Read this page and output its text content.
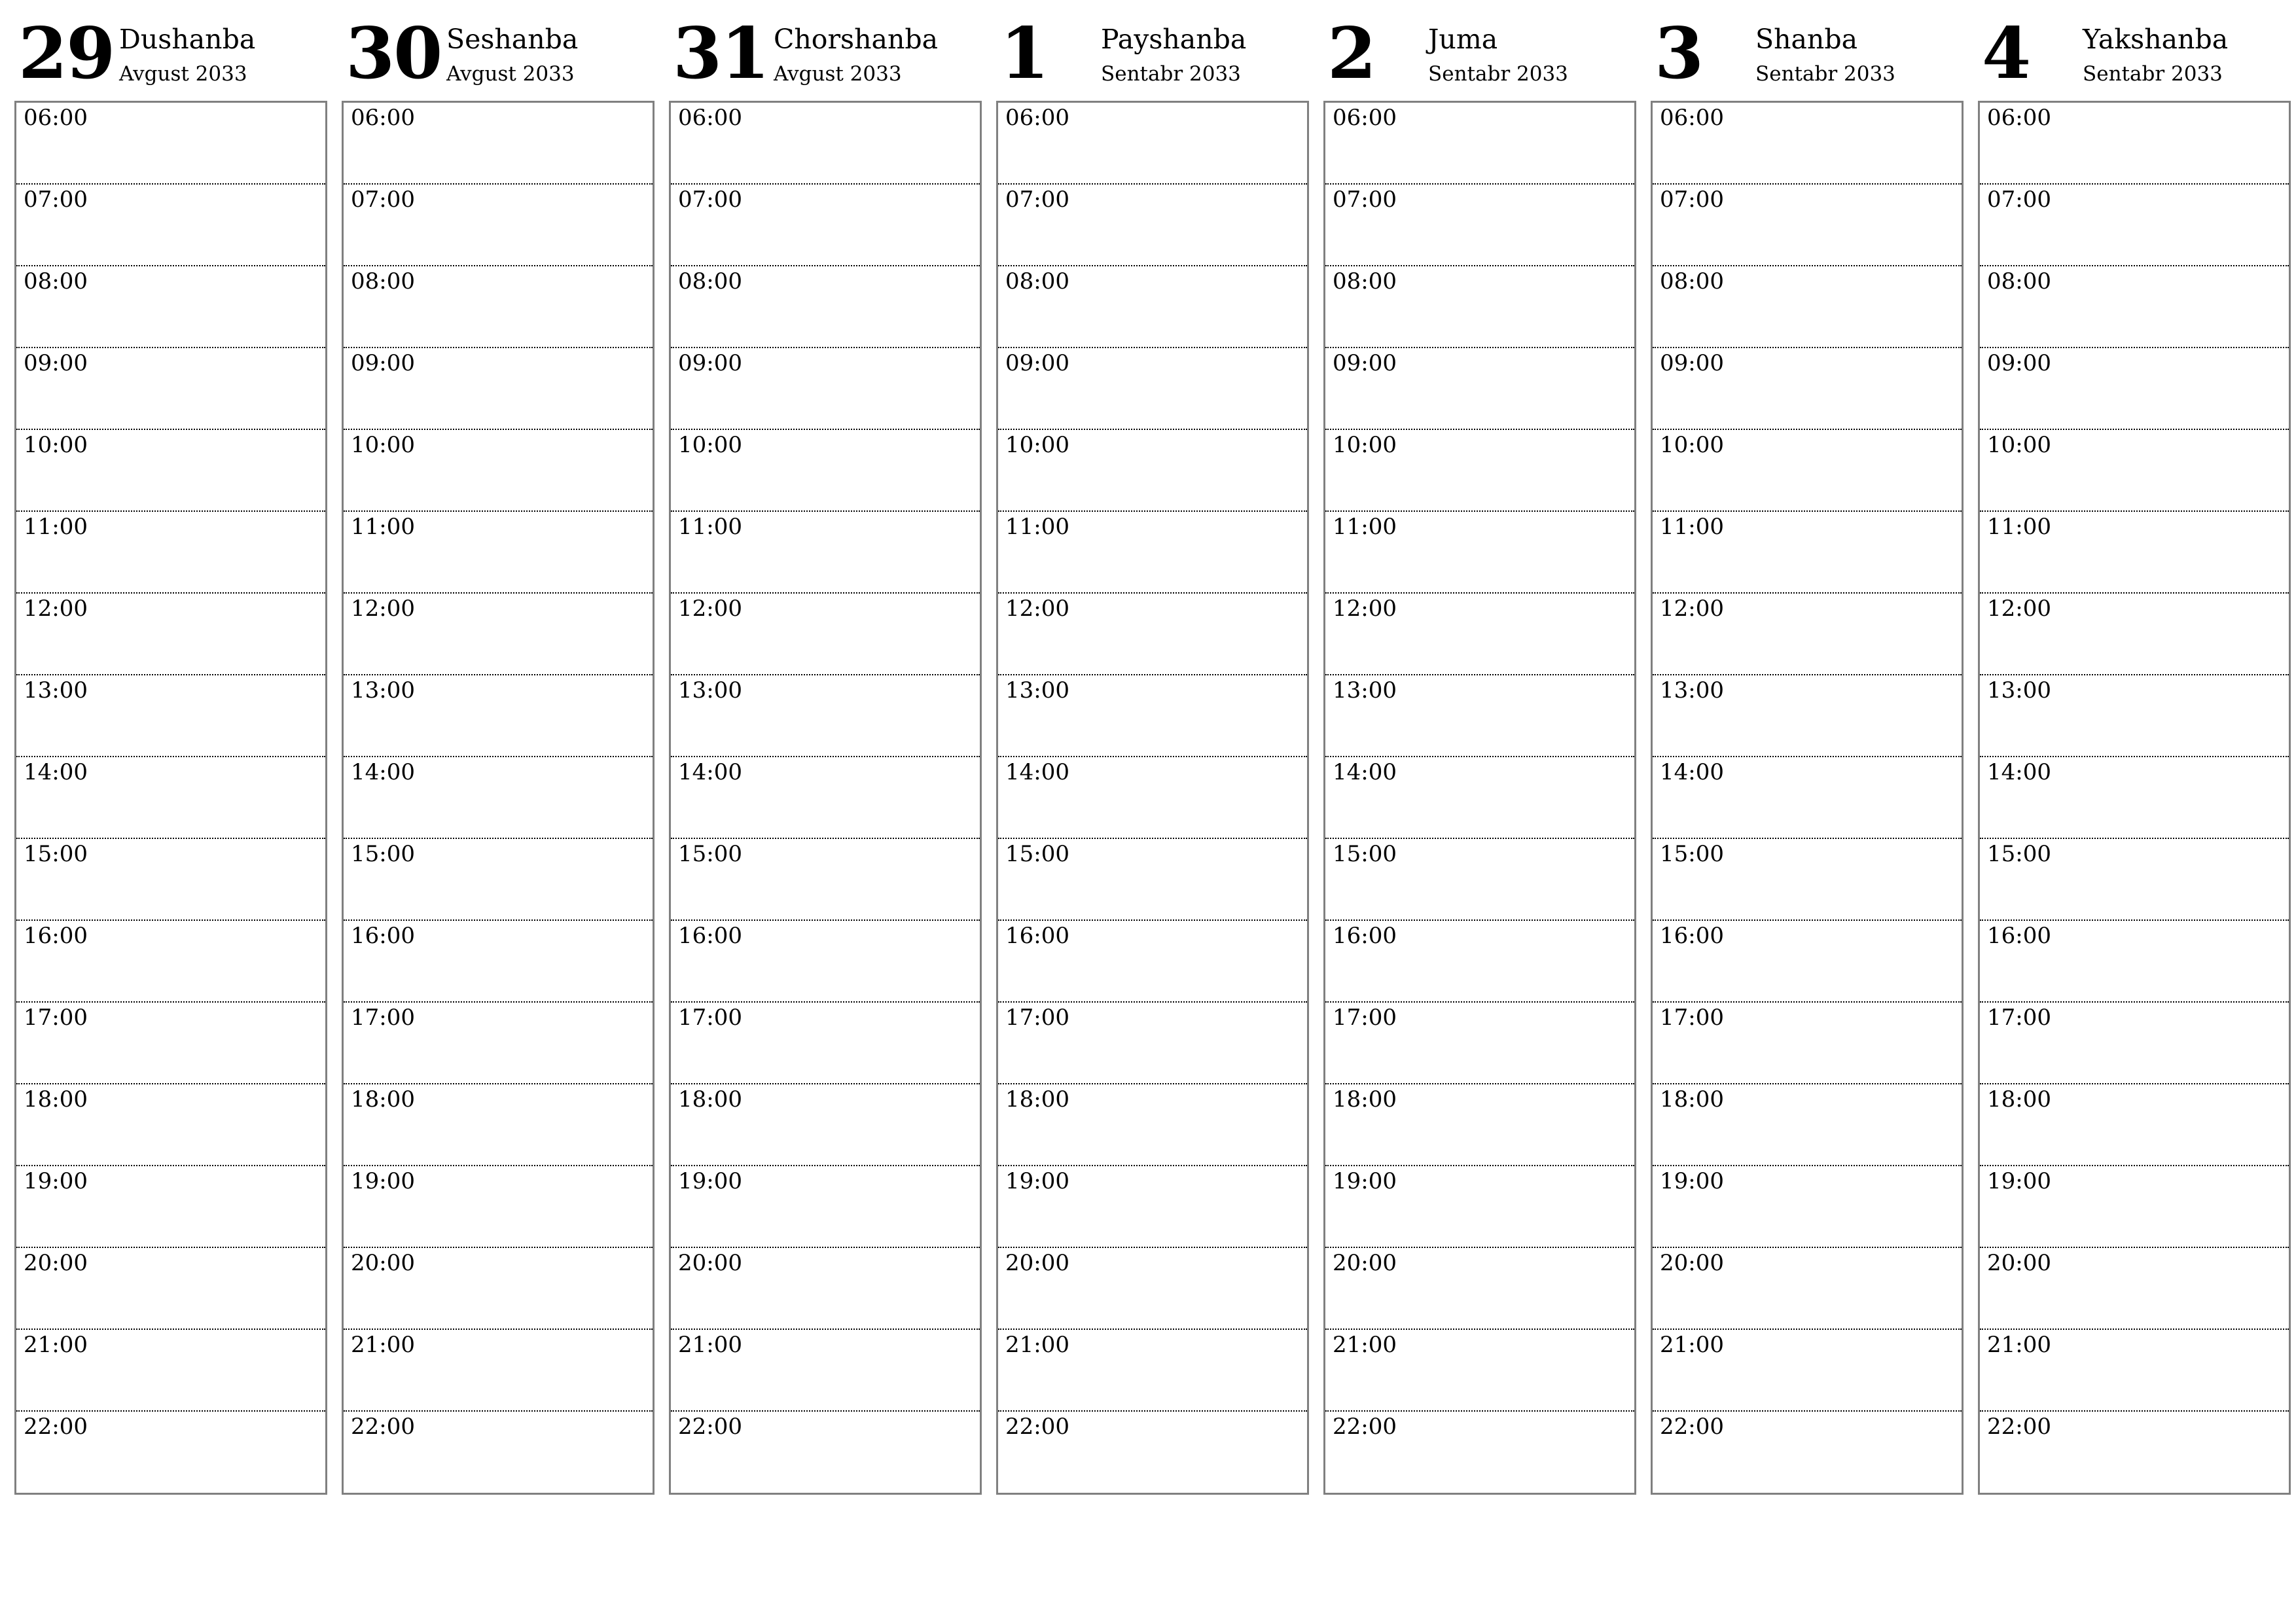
29 Dushanba
Avgust 2033
06:00
07:00
08:00
09:00
10:00
11:00
12:00
13:00
14:00
15:00
16:00
17:00
18:00
19:00
20:00
21:00
22:00
30 Seshanba
Avgust 2033
06:00
07:00
08:00
09:00
10:00
11:00
12:00
13:00
14:00
15:00
16:00
17:00
18:00
19:00
20:00
21:00
22:00
31 Chorshanba
Avgust 2033
06:00
07:00
08:00
09:00
10:00
11:00
12:00
13:00
14:00
15:00
16:00
17:00
18:00
19:00
20:00
21:00
22:00
1 Payshanba
Sentabr 2033
06:00
07:00
08:00
09:00
10:00
11:00
12:00
13:00
14:00
15:00
16:00
17:00
18:00
19:00
20:00
21:00
22:00
2 Juma
Sentabr 2033
06:00
07:00
08:00
09:00
10:00
11:00
12:00
13:00
14:00
15:00
16:00
17:00
18:00
19:00
20:00
21:00
22:00
3 Shanba
Sentabr 2033
06:00
07:00
08:00
09:00
10:00
11:00
12:00
13:00
14:00
15:00
16:00
17:00
18:00
19:00
20:00
21:00
22:00
4 Yakshanba
Sentabr 2033
06:00
07:00
08:00
09:00
10:00
11:00
12:00
13:00
14:00
15:00
16:00
17:00
18:00
19:00
20:00
21:00
22:00
